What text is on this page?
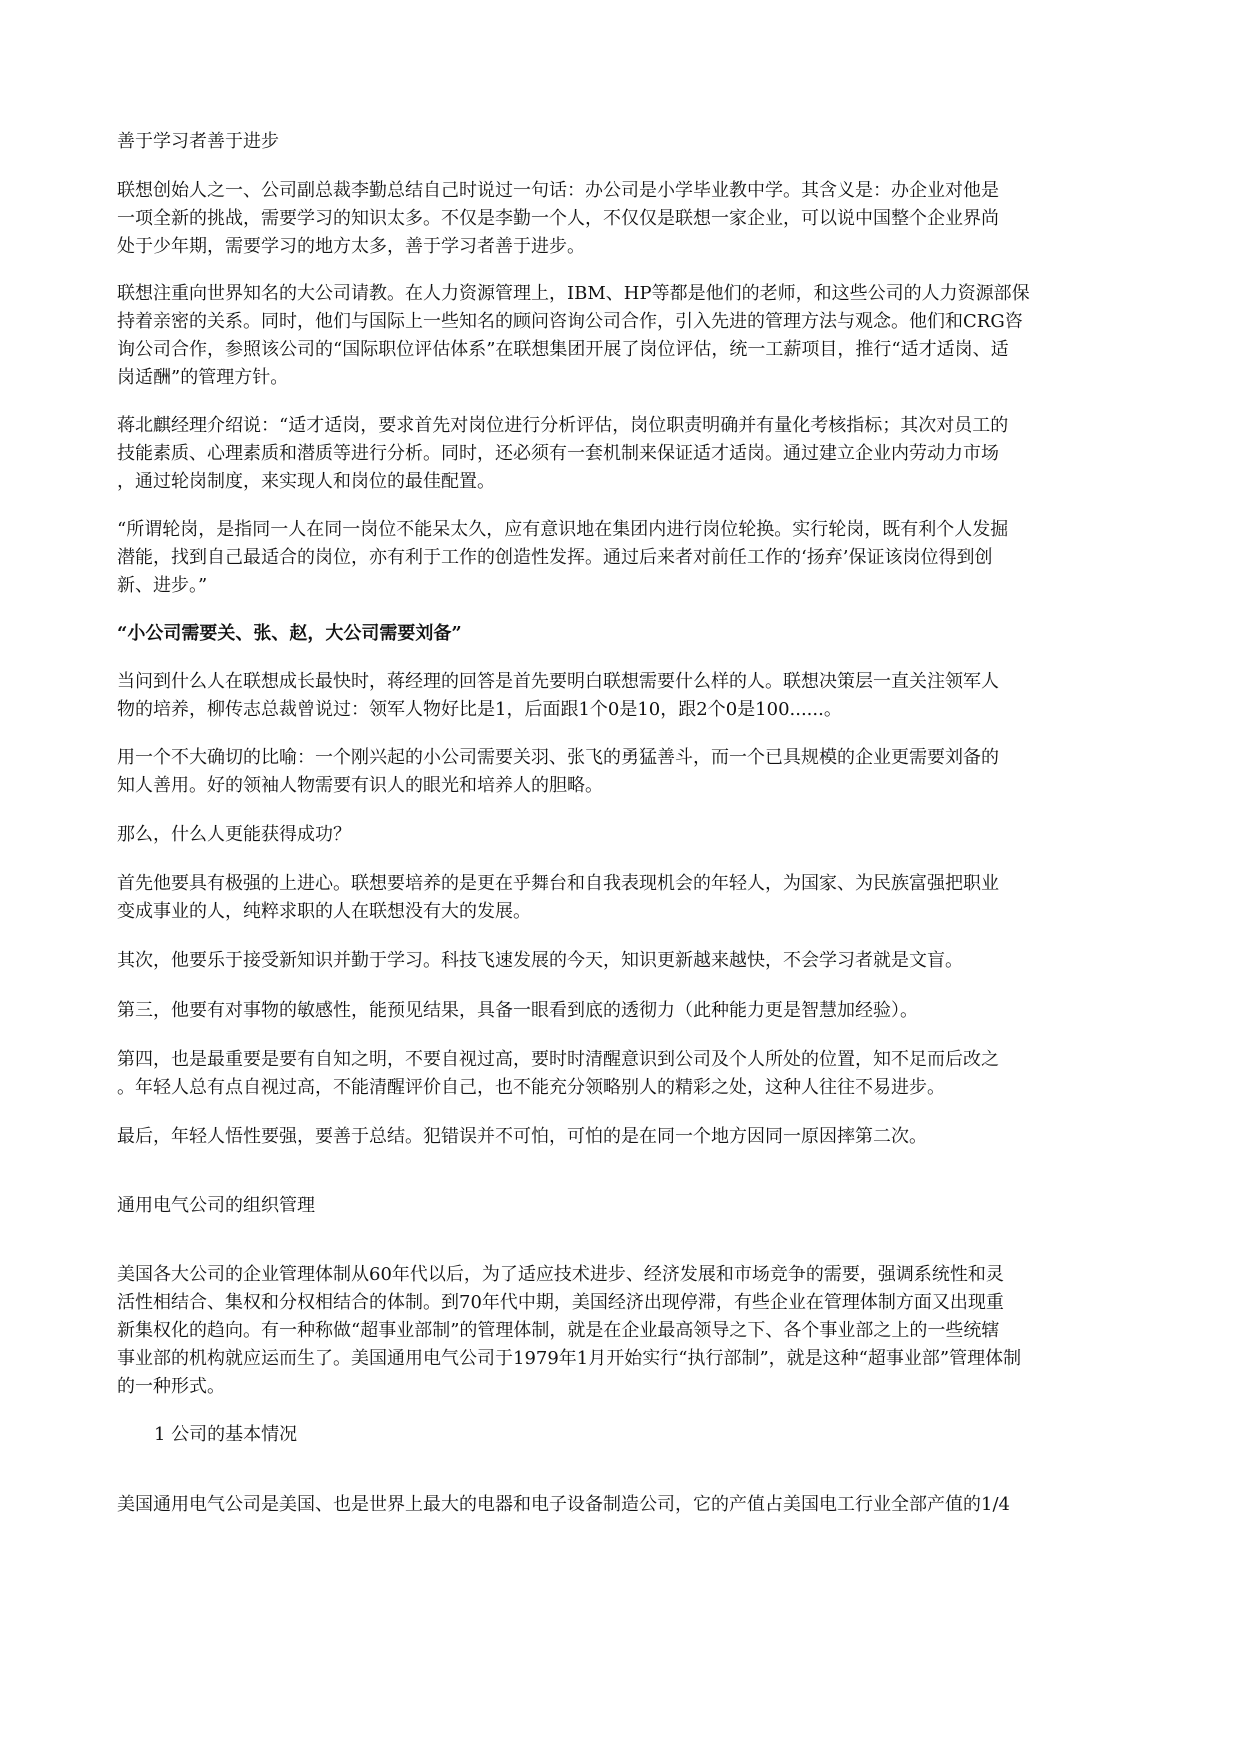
善于学习者善于进步
联想创始人之一、公司副总裁李勤总结自己时说过一句话：办公司是小学毕业教中学。其含义是：办企业对他是
一项全新的挑战，需要学习的知识太多。不仅是李勤一个人，不仅仅是联想一家企业，可以说中国整个企业界尚
处于少年期，需要学习的地方太多，善于学习者善于进步。
联想注重向世界知名的大公司请教。在人力资源管理上，IBM、HP等都是他们的老师，和这些公司的人力资源部保
持着亲密的关系。同时，他们与国际上一些知名的顾问咨询公司合作，引入先进的管理方法与观念。他们和CRG咨
询公司合作，参照该公司的“国际职位评估体系”在联想集团开展了岗位评估，统一工薪项目，推行“适才适岗、适
岗适酬”的管理方针。
蒋北麒经理介绍说：“适才适岗，要求首先对岗位进行分析评估，岗位职责明确并有量化考核指标；其次对员工的
技能素质、心理素质和潜质等进行分析。同时，还必须有一套机制来保证适才适岗。通过建立企业内劳动力市场
，通过轮岗制度，来实现人和岗位的最佳配置。
“所谓轮岗，是指同一人在同一岗位不能呆太久，应有意识地在集团内进行岗位轮换。实行轮岗，既有利个人发掘
潜能，找到自己最适合的岗位，亦有利于工作的创造性发挥。通过后来者对前任工作的‘扬弃’保证该岗位得到创
新、进步。”
“小公司需要关、张、赵，大公司需要刘备”
当问到什么人在联想成长最快时，蒋经理的回答是首先要明白联想需要什么样的人。联想决策层一直关注领军人
物的培养，柳传志总裁曾说过：领军人物好比是1，后面跟1个0是10，跟2个0是100......。
用一个不大确切的比喻：一个刚兴起的小公司需要关羽、张飞的勇猛善斗，而一个已具规模的企业更需要刘备的
知人善用。好的领袖人物需要有识人的眼光和培养人的胆略。
那么，什么人更能获得成功？
首先他要具有极强的上进心。联想要培养的是更在乎舞台和自我表现机会的年轻人，为国家、为民族富强把职业
变成事业的人，纯粹求职的人在联想没有大的发展。
其次，他要乐于接受新知识并勤于学习。科技飞速发展的今天，知识更新越来越快，不会学习者就是文盲。
第三，他要有对事物的敏感性，能预见结果，具备一眼看到底的透彻力（此种能力更是智慧加经验）。
第四，也是最重要是要有自知之明，不要自视过高，要时时清醒意识到公司及个人所处的位置，知不足而后改之
。年轻人总有点自视过高，不能清醒评价自己，也不能充分领略别人的精彩之处，这种人往往不易进步。
最后，年轻人悟性要强，要善于总结。犯错误并不可怕，可怕的是在同一个地方因同一原因摔第二次。
通用电气公司的组织管理
美国各大公司的企业管理体制从60年代以后，为了适应技术进步、经济发展和市场竞争的需要，强调系统性和灵
活性相结合、集权和分权相结合的体制。到70年代中期，美国经济出现停滞，有些企业在管理体制方面又出现重
新集权化的趋向。有一种称做“超事业部制”的管理体制，就是在企业最高领导之下、各个事业部之上的一些统辖
事业部的机构就应运而生了。美国通用电气公司于1979年1月开始实行“执行部制”，就是这种“超事业部”管理体制
的一种形式。
1 公司的基本情况
美国通用电气公司是美国、也是世界上最大的电器和电子设备制造公司，它的产值占美国电工行业全部产值的1/4
